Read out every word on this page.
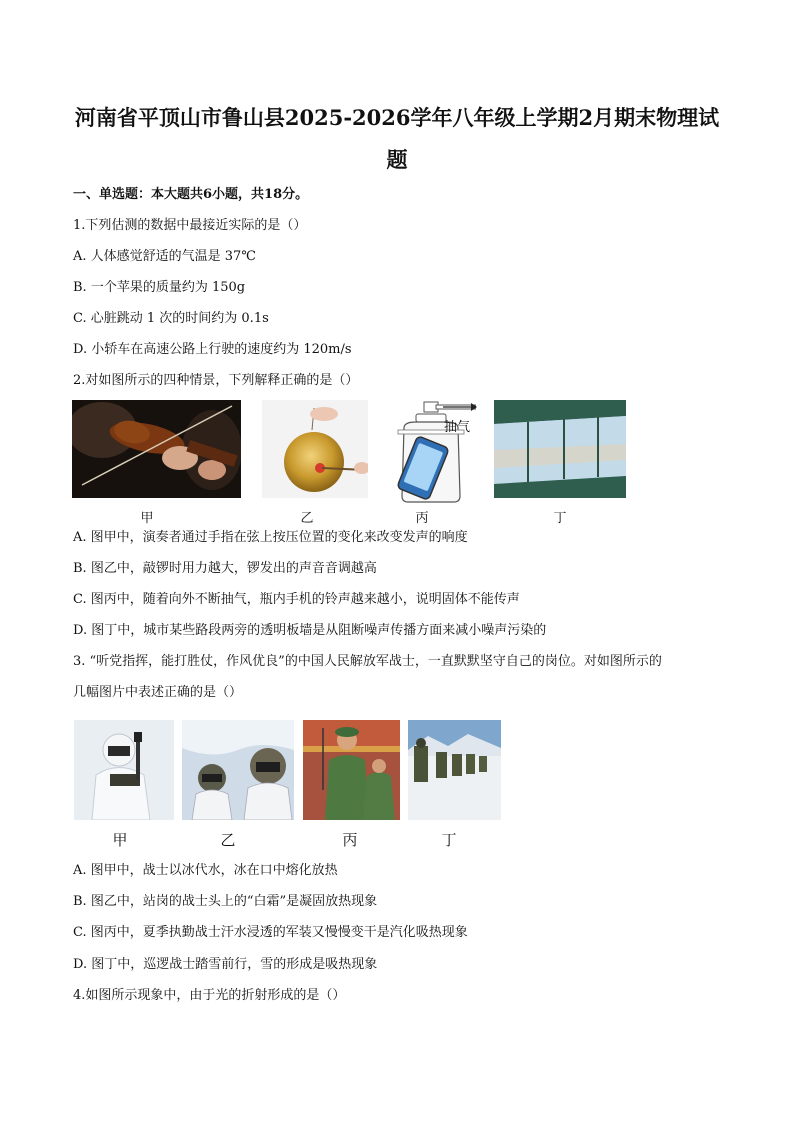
河南省平顶山市鲁山县2025-2026学年八年级上学期2月期末物理试
题
一、单选题：本大题共6小题，共18分。
1.下列估测的数据中最接近实际的是（）
A. 人体感觉舒适的气温是 37℃
B. 一个苹果的质量约为 150g
C. 心脏跳动 1 次的时间约为 0.1s
D. 小轿车在高速公路上行驶的速度约为 120m/s
2.对如图所示的四种情景，下列解释正确的是（）
抽气
甲	乙	丙	丁
A. 图甲中，演奏者通过手指在弦上按压位置的变化来改变发声的响度
B. 图乙中，敲锣时用力越大，锣发出的声音音调越高
C. 图丙中，随着向外不断抽气，瓶内手机的铃声越来越小，说明固体不能传声
D. 图丁中，城市某些路段两旁的透明板墙是从阻断噪声传播方面来减小噪声污染的
3. “听党指挥，能打胜仗，作风优良”的中国人民解放军战士，一直默默坚守自己的岗位。对如图所示的
几幅图片中表述正确的是（）
甲	乙	丙	丁
A. 图甲中，战士以冰代水，冰在口中熔化放热
B. 图乙中，站岗的战士头上的“白霜”是凝固放热现象
C. 图丙中，夏季执勤战士汗水浸透的军装又慢慢变干是汽化吸热现象
D. 图丁中，巡逻战士踏雪前行，雪的形成是吸热现象
4.如图所示现象中，由于光的折射形成的是（）
